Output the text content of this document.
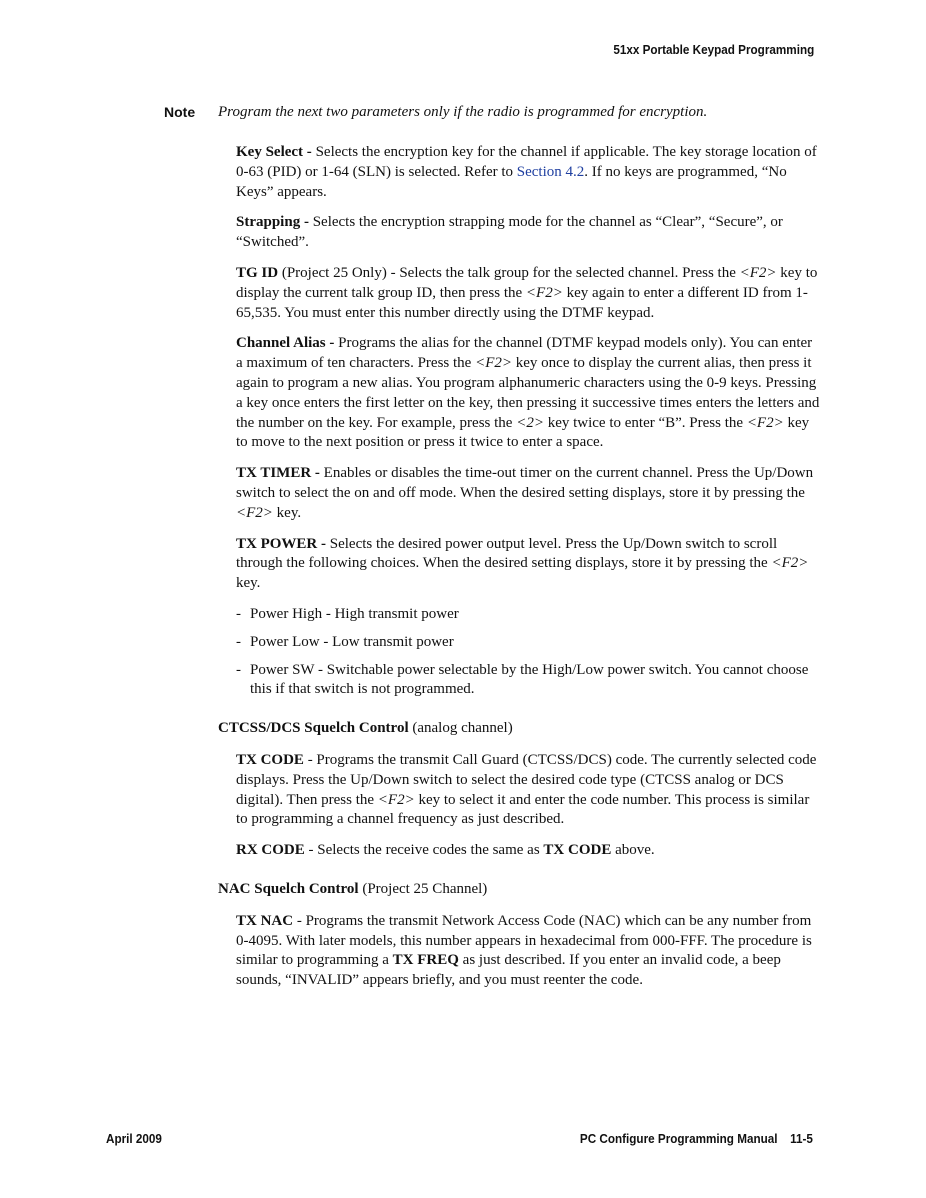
51xx Portable Keypad Programming
Note Program the next two parameters only if the radio is programmed for encryption.

Key Select - Selects the encryption key for the channel if applicable. The key storage location of 0-63 (PID) or 1-64 (SLN) is selected. Refer to Section 4.2. If no keys are programmed, “No Keys” appears.

Strapping - Selects the encryption strapping mode for the channel as “Clear”, “Secure”, or “Switched”.

TG ID (Project 25 Only) - Selects the talk group for the selected channel. Press the <F2> key to display the current talk group ID, then press the <F2> key again to enter a different ID from 1-65,535. You must enter this number directly using the DTMF keypad.

Channel Alias - Programs the alias for the channel (DTMF keypad models only). You can enter a maximum of ten characters. Press the <F2> key once to display the current alias, then press it again to program a new alias. You program alphanumeric characters using the 0-9 keys. Pressing a key once enters the first letter on the key, then pressing it successive times enters the letters and the number on the key. For example, press the <2> key twice to enter “B”. Press the <F2> key to move to the next position or press it twice to enter a space.

TX TIMER - Enables or disables the time-out timer on the current channel. Press the Up/Down switch to select the on and off mode. When the desired setting displays, store it by pressing the <F2> key.

TX POWER - Selects the desired power output level. Press the Up/Down switch to scroll through the following choices. When the desired setting displays, store it by pressing the <F2> key.

- Power High - High transmit power
- Power Low - Low transmit power
- Power SW - Switchable power selectable by the High/Low power switch. You cannot choose this if that switch is not programmed.

CTCSS/DCS Squelch Control (analog channel)

TX CODE - Programs the transmit Call Guard (CTCSS/DCS) code. The currently selected code displays. Press the Up/Down switch to select the desired code type (CTCSS analog or DCS digital). Then press the <F2> key to select it and enter the code number. This process is similar to programming a channel frequency as just described.

RX CODE - Selects the receive codes the same as TX CODE above.

NAC Squelch Control (Project 25 Channel)

TX NAC - Programs the transmit Network Access Code (NAC) which can be any number from 0-4095. With later models, this number appears in hexadecimal from 000-FFF. The procedure is similar to programming a TX FREQ as just described. If you enter an invalid code, a beep sounds, “INVALID” appears briefly, and you must reenter the code.

April 2009	PC Configure Programming Manual 11-5
